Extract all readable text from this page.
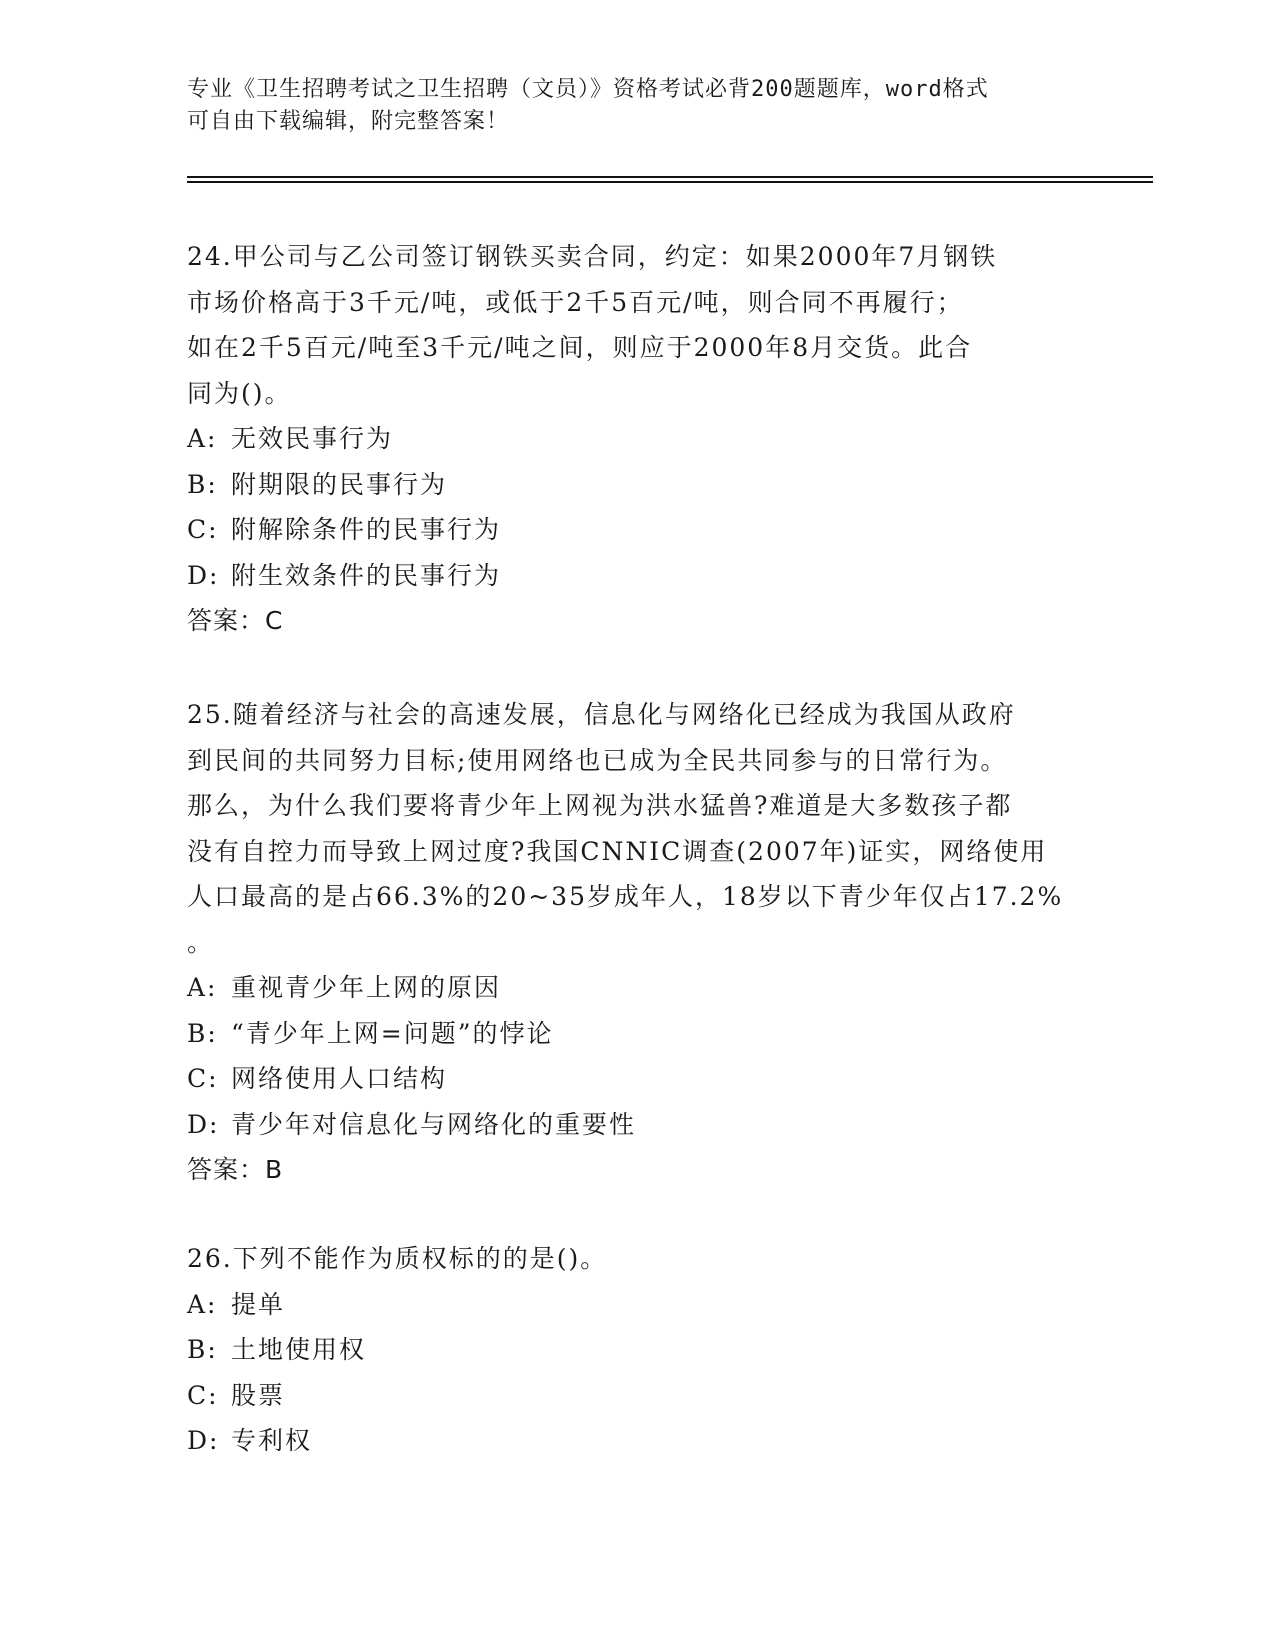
专业《卫生招聘考试之卫生招聘（文员）》资格考试必背200题题库，word格式
可自由下载编辑，附完整答案！
24.甲公司与乙公司签订钢铁买卖合同，约定：如果2000年7月钢铁
市场价格高于3千元/吨，或低于2千5百元/吨，则合同不再履行；
如在2千5百元/吨至3千元/吨之间，则应于2000年8月交货。此合
同为()。
A: 无效民事行为
B: 附期限的民事行为
C: 附解除条件的民事行为
D: 附生效条件的民事行为
答案：C
25.随着经济与社会的高速发展，信息化与网络化已经成为我国从政府
到民间的共同努力目标;使用网络也已成为全民共同参与的日常行为。
那么，为什么我们要将青少年上网视为洪水猛兽?难道是大多数孩子都
没有自控力而导致上网过度?我国CNNIC调查(2007年)证实，网络使用
人口最高的是占66.3%的20~35岁成年人，18岁以下青少年仅占17.2%
。
A: 重视青少年上网的原因
B: “青少年上网=问题”的悖论
C: 网络使用人口结构
D: 青少年对信息化与网络化的重要性
答案：B
26.下列不能作为质权标的的是()。
A: 提单
B: 土地使用权
C: 股票
D: 专利权
